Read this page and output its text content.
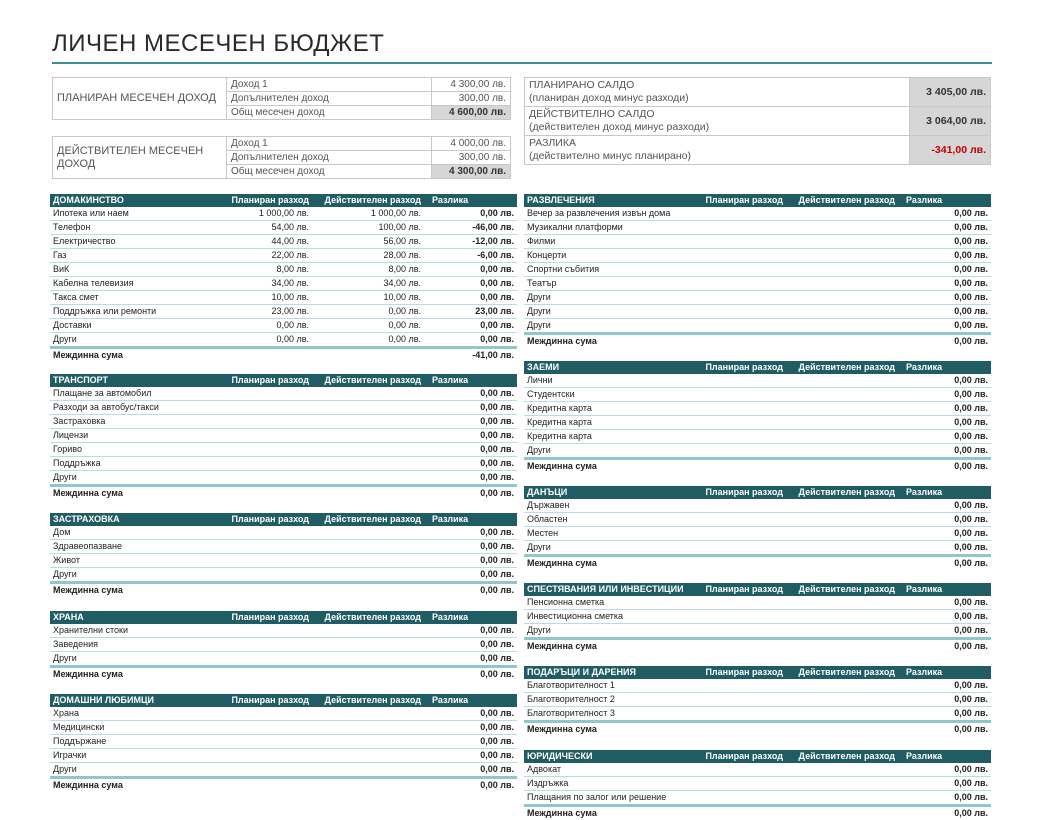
ЛИЧЕН МЕСЕЧЕН БЮДЖЕТ
ПЛАНИРАН МЕСЕЧЕН ДОХОД	Доход 1	4 300,00 лв.
	Допълнителен доход	300,00 лв.
	Общ месечен доход	4 600,00 лв.
ДЕЙСТВИТЕЛЕН МЕСЕЧЕН ДОХОД	Доход 1	4 000,00 лв.
	Допълнителен доход	300,00 лв.
	Общ месечен доход	4 300,00 лв.
ПЛАНИРАНО САЛДО
(планиран доход минус разходи)	3 405,00 лв.
ДЕЙСТВИТЕЛНО САЛДО
(действителен доход минус разходи)	3 064,00 лв.
РАЗЛИКА
(действително минус планирано)	-341,00 лв.
ДОМАКИНСТВО	Планиран разход	Действителен разход	Разлика
Ипотека или наем	1 000,00 лв.	1 000,00 лв.	0,00 лв.
Телефон	54,00 лв.	100,00 лв.	-46,00 лв.
Електричество	44,00 лв.	56,00 лв.	-12,00 лв.
Газ	22,00 лв.	28,00 лв.	-6,00 лв.
ВиК	8,00 лв.	8,00 лв.	0,00 лв.
Кабелна телевизия	34,00 лв.	34,00 лв.	0,00 лв.
Такса смет	10,00 лв.	10,00 лв.	0,00 лв.
Поддръжка или ремонти	23,00 лв.	0,00 лв.	23,00 лв.
Доставки	0,00 лв.	0,00 лв.	0,00 лв.
Други	0,00 лв.	0,00 лв.	0,00 лв.
Междинна сума			-41,00 лв.
ТРАНСПОРТ	Планиран разход	Действителен разход	Разлика
Плащане за автомобил			0,00 лв.
Разходи за автобус/такси			0,00 лв.
Застраховка			0,00 лв.
Лицензи			0,00 лв.
Гориво			0,00 лв.
Поддръжка			0,00 лв.
Други			0,00 лв.
Междинна сума			0,00 лв.
ЗАСТРАХОВКА	Планиран разход	Действителен разход	Разлика
Дом			0,00 лв.
Здравеопазване			0,00 лв.
Живот			0,00 лв.
Други			0,00 лв.
Междинна сума			0,00 лв.
ХРАНА	Планиран разход	Действителен разход	Разлика
Хранителни стоки			0,00 лв.
Заведения			0,00 лв.
Други			0,00 лв.
Междинна сума			0,00 лв.
ДОМАШНИ ЛЮБИМЦИ	Планиран разход	Действителен разход	Разлика
Храна			0,00 лв.
Медицински			0,00 лв.
Поддържане			0,00 лв.
Играчки			0,00 лв.
Други			0,00 лв.
Междинна сума			0,00 лв.
РАЗВЛЕЧЕНИЯ	Планиран разход	Действителен разход	Разлика
Вечер за развлечения извън дома			0,00 лв.
Музикални платформи			0,00 лв.
Филми			0,00 лв.
Концерти			0,00 лв.
Спортни събития			0,00 лв.
Театър			0,00 лв.
Други			0,00 лв.
Други			0,00 лв.
Други			0,00 лв.
Междинна сума			0,00 лв.
ЗАЕМИ	Планиран разход	Действителен разход	Разлика
Лични			0,00 лв.
Студентски			0,00 лв.
Кредитна карта			0,00 лв.
Кредитна карта			0,00 лв.
Кредитна карта			0,00 лв.
Други			0,00 лв.
Междинна сума			0,00 лв.
ДАНЪЦИ	Планиран разход	Действителен разход	Разлика
Държавен			0,00 лв.
Областен			0,00 лв.
Местен			0,00 лв.
Други			0,00 лв.
Междинна сума			0,00 лв.
СПЕСТЯВАНИЯ ИЛИ ИНВЕСТИЦИИ	Планиран разход	Действителен разход	Разлика
Пенсионна сметка			0,00 лв.
Инвестиционна сметка			0,00 лв.
Други			0,00 лв.
Междинна сума			0,00 лв.
ПОДАРЪЦИ И ДАРЕНИЯ	Планиран разход	Действителен разход	Разлика
Благотворителност 1			0,00 лв.
Благотворителност 2			0,00 лв.
Благотворителност 3			0,00 лв.
Междинна сума			0,00 лв.
ЮРИДИЧЕСКИ	Планиран разход	Действителен разход	Разлика
Адвокат			0,00 лв.
Издръжка			0,00 лв.
Плащания по залог или решение			0,00 лв.
Междинна сума			0,00 лв.
